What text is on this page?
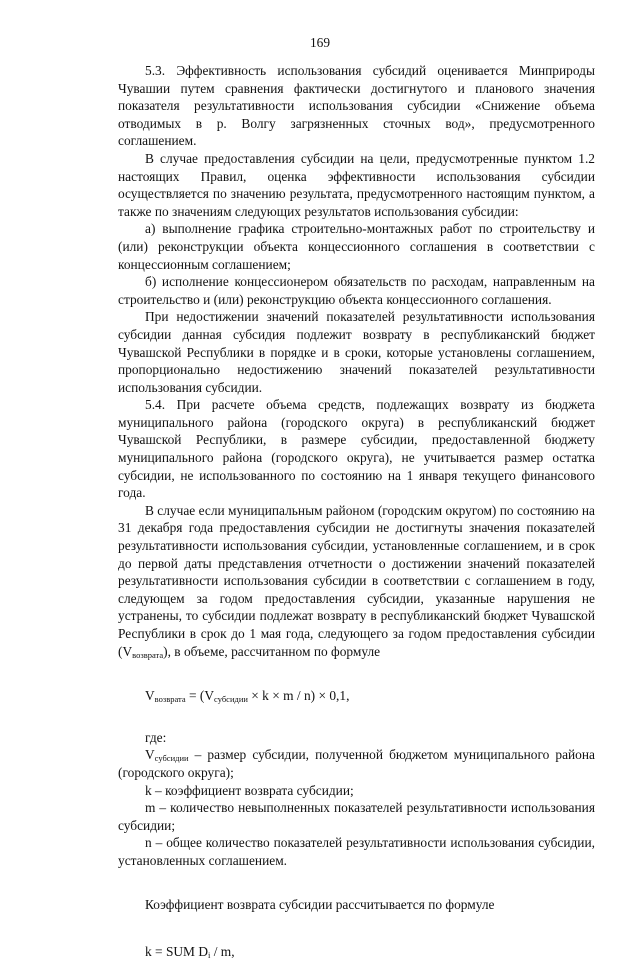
169

5.3. Эффективность использования субсидий оценивается Минприроды Чувашии путем сравнения фактически достигнутого и планового значения показателя результативности использования субсидии «Снижение объема отводимых в р. Волгу загрязненных сточных вод», предусмотренного соглашением.

В случае предоставления субсидии на цели, предусмотренные пунктом 1.2 настоящих Правил, оценка эффективности использования субсидии осуществляется по значению результата, предусмотренного настоящим пунктом, а также по значениям следующих результатов использования субсидии:

а) выполнение графика строительно-монтажных работ по строительству и (или) реконструкции объекта концессионного соглашения в соответствии с концессионным соглашением;

б) исполнение концессионером обязательств по расходам, направленным на строительство и (или) реконструкцию объекта концессионного соглашения.

При недостижении значений показателей результативности использования субсидии данная субсидия подлежит возврату в республиканский бюджет Чувашской Республики в порядке и в сроки, которые установлены соглашением, пропорционально недостижению значений показателей результативности использования субсидии.

5.4. При расчете объема средств, подлежащих возврату из бюджета муниципального района (городского округа) в республиканский бюджет Чувашской Республики, в размере субсидии, предоставленной бюджету муниципального района (городского округа), не учитывается размер остатка субсидии, не использованного по состоянию на 1 января текущего финансового года.

В случае если муниципальным районом (городским округом) по состоянию на 31 декабря года предоставления субсидии не достигнуты значения показателей результативности использования субсидии, установленные соглашением, и в срок до первой даты представления отчетности о достижении значений показателей результативности использования субсидии в соответствии с соглашением в году, следующем за годом предоставления субсидии, указанные нарушения не устранены, то субсидии подлежат возврату в республиканский бюджет Чувашской Республики в срок до 1 мая года, следующего за годом предоставления субсидии $(V_{возврата})$, в объеме, рассчитанном по формуле

$V_{возврата} = (V_{субсидии} \times k \times m / n) \times 0,1$,

где:

$V_{субсидии}$ – размер субсидии, полученной бюджетом муниципального района (городского округа);

k – коэффициент возврата субсидии;

m – количество невыполненных показателей результативности использования субсидии;

n – общее количество показателей результативности использования субсидии, установленных соглашением.

Коэффициент возврата субсидии рассчитывается по формуле

k = SUM $D_i$ / m,
